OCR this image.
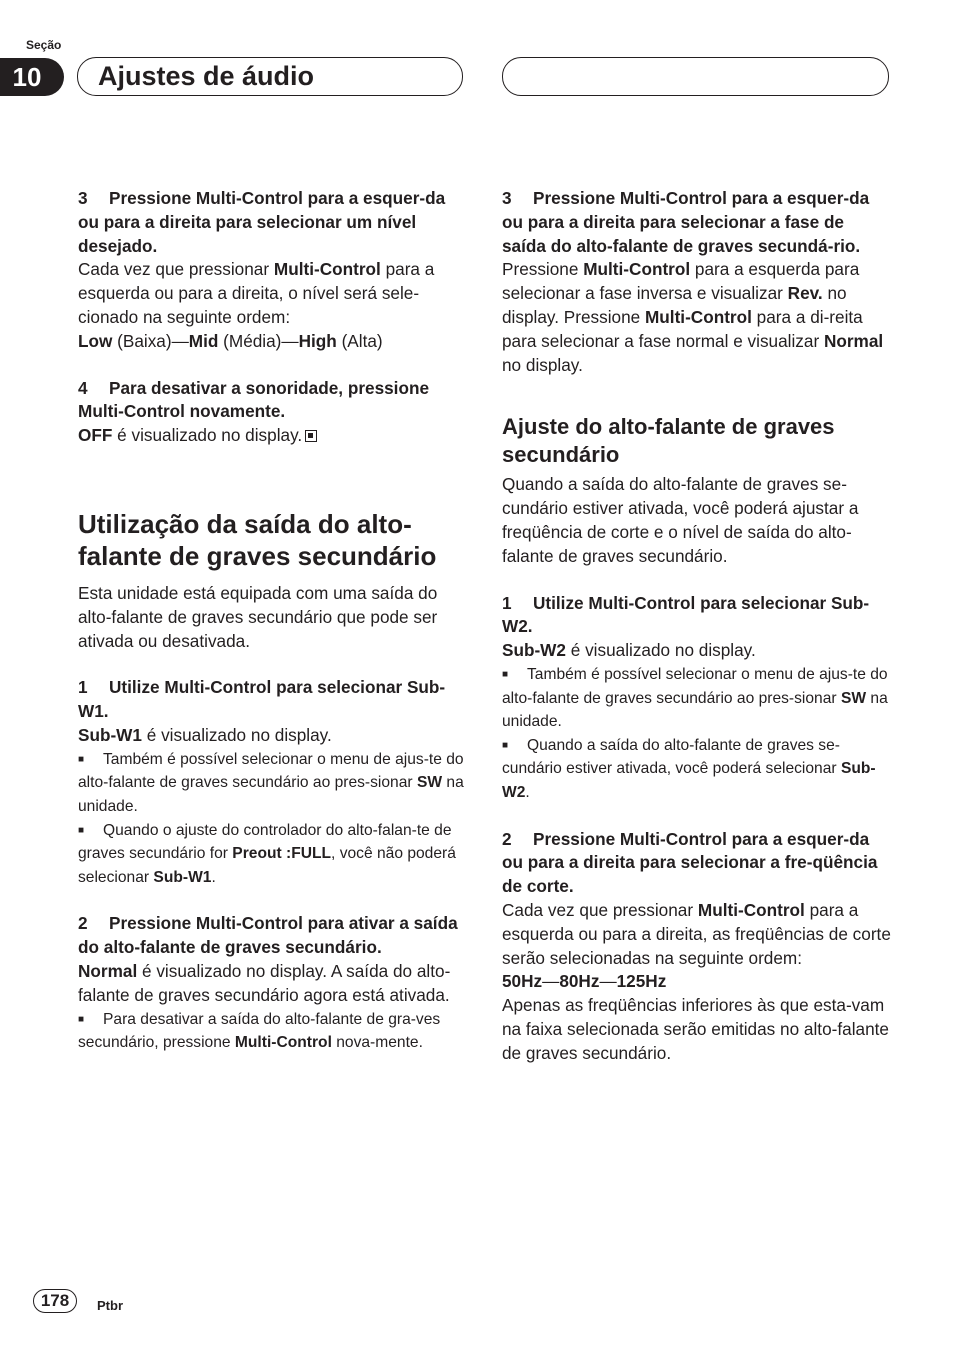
Seção
10	Ajustes de áudio

3 Pressione Multi-Control para a esquer-da ou para a direita para selecionar um nível desejado.

Cada vez que pressionar Multi-Control para a esquerda ou para a direita, o nível será sele-cionado na seguinte ordem:

Low (Baixa)—Mid (Média)—High (Alta)

4 Para desativar a sonoridade, pressione Multi-Control novamente.

OFF é visualizado no display.

Utilização da saída do alto-falante de graves secundário

Esta unidade está equipada com uma saída do alto-falante de graves secundário que pode ser ativada ou desativada.

1 Utilize Multi-Control para selecionar Sub-W1.

Sub-W1 é visualizado no display.

■ Também é possível selecionar o menu de ajus-te do alto-falante de graves secundário ao pres-sionar SW na unidade.

■ Quando o ajuste do controlador do alto-falan-te de graves secundário for Preout :FULL, você não poderá selecionar Sub-W1.

2 Pressione Multi-Control para ativar a saída do alto-falante de graves secundário.

Normal é visualizado no display. A saída do alto-falante de graves secundário agora está ativada.

■ Para desativar a saída do alto-falante de gra-ves secundário, pressione Multi-Control nova-mente.

3 Pressione Multi-Control para a esquer-da ou para a direita para selecionar a fase de saída do alto-falante de graves secundá-rio.

Pressione Multi-Control para a esquerda para selecionar a fase inversa e visualizar Rev. no display. Pressione Multi-Control para a di-reita para selecionar a fase normal e visualizar Normal no display.

Ajuste do alto-falante de graves secundário

Quando a saída do alto-falante de graves se-cundário estiver ativada, você poderá ajustar a freqüência de corte e o nível de saída do alto-falante de graves secundário.

1 Utilize Multi-Control para selecionar Sub-W2.

Sub-W2 é visualizado no display.

■ Também é possível selecionar o menu de ajus-te do alto-falante de graves secundário ao pres-sionar SW na unidade.

■ Quando a saída do alto-falante de graves se-cundário estiver ativada, você poderá selecionar Sub-W2.

2 Pressione Multi-Control para a esquer-da ou para a direita para selecionar a fre-qüência de corte.

Cada vez que pressionar Multi-Control para a esquerda ou para a direita, as freqüências de corte serão selecionadas na seguinte ordem:

50Hz—80Hz—125Hz

Apenas as freqüências inferiores às que esta-vam na faixa selecionada serão emitidas no alto-falante de graves secundário.

178	Ptbr
